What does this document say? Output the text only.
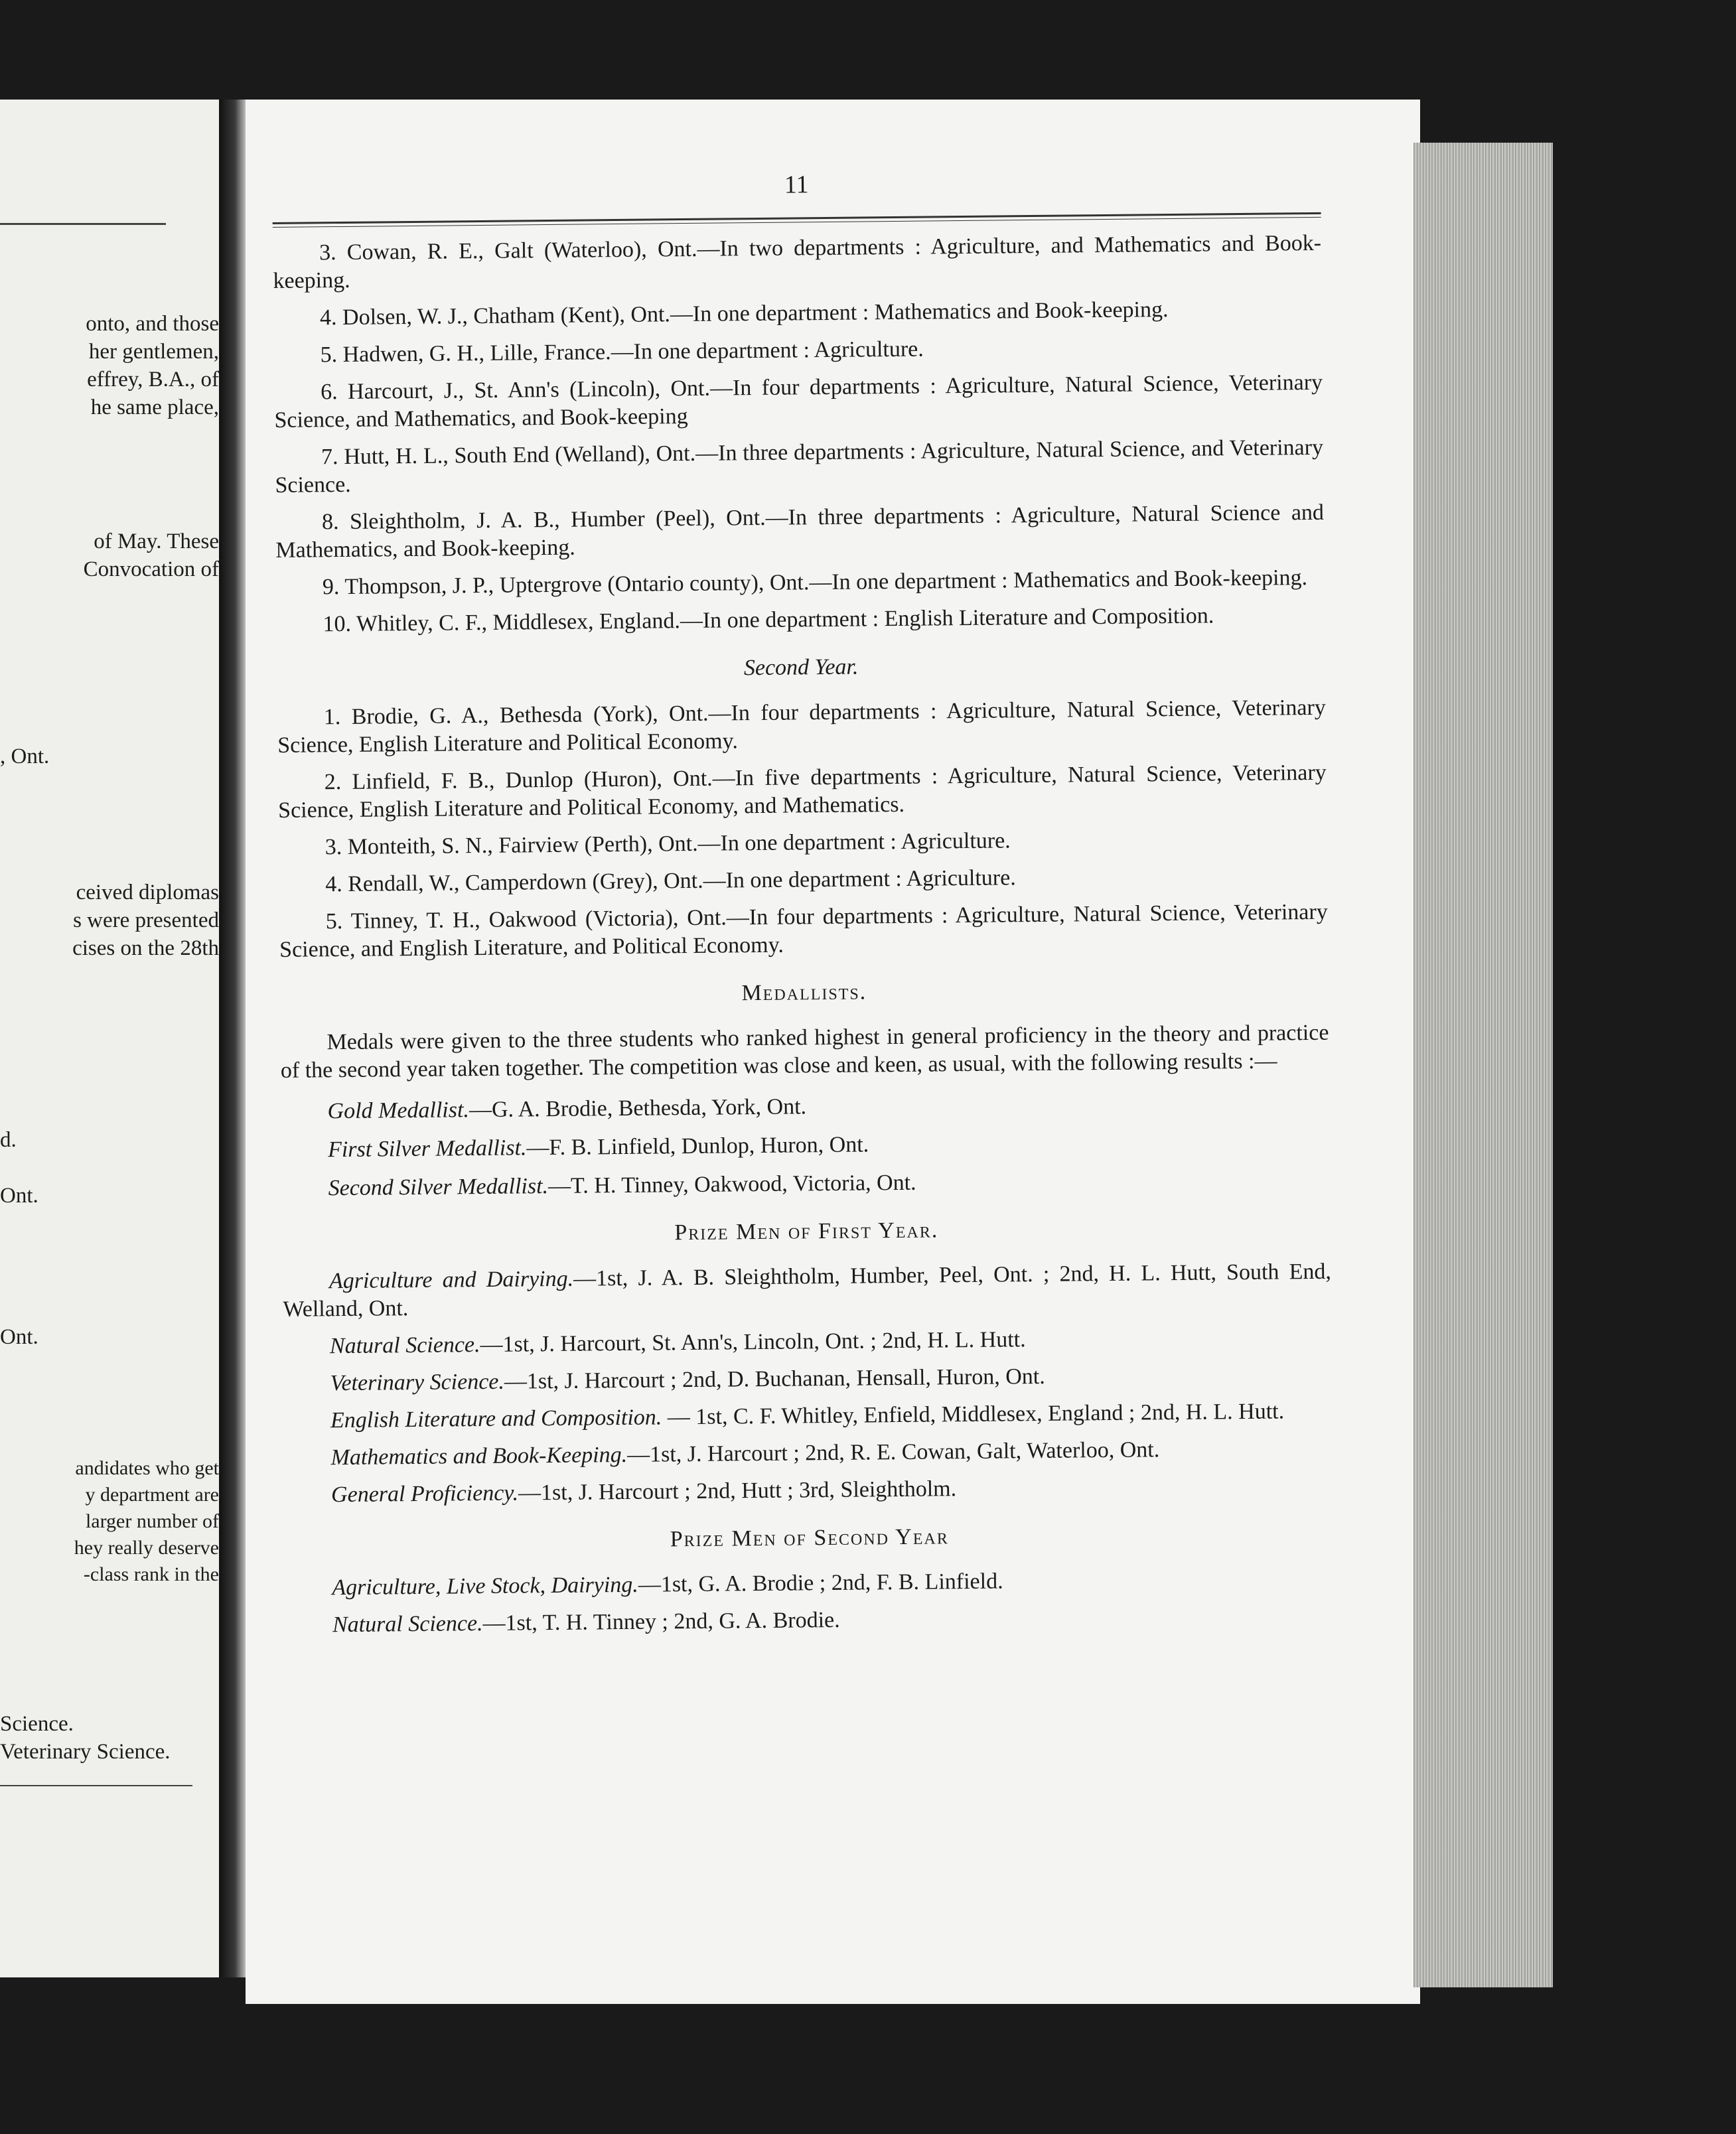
onto, and those
her gentlemen,
effrey, B.A., of
he same place,
of May. These
Convocation of
, Ont.
ceived diplomas
s were presented
cises on the 28th
d.
Ont.
Ont.
andidates who get
y department are
larger number of
hey really deserve
-class rank in the
Science.
Veterinary Science.
11
3. Cowan, R. E., Galt (Waterloo), Ont.—In two departments : Agriculture, and Mathematics and Book-keeping.
4. Dolsen, W. J., Chatham (Kent), Ont.—In one department : Mathematics and Book-keeping.
5. Hadwen, G. H., Lille, France.—In one department : Agriculture.
6. Harcourt, J., St. Ann's (Lincoln), Ont.—In four departments : Agriculture, Natural Science, Veterinary Science, and Mathematics, and Book-keeping
7. Hutt, H. L., South End (Welland), Ont.—In three departments : Agriculture, Natural Science, and Veterinary Science.
8. Sleightholm, J. A. B., Humber (Peel), Ont.—In three departments : Agriculture, Natural Science and Mathematics, and Book-keeping.
9. Thompson, J. P., Uptergrove (Ontario county), Ont.—In one department : Mathematics and Book-keeping.
10. Whitley, C. F., Middlesex, England.—In one department : English Literature and Composition.
Second Year.
1. Brodie, G. A., Bethesda (York), Ont.—In four departments : Agriculture, Natural Science, Veterinary Science, English Literature and Political Economy.
2. Linfield, F. B., Dunlop (Huron), Ont.—In five departments : Agriculture, Natural Science, Veterinary Science, English Literature and Political Economy, and Mathematics.
3. Monteith, S. N., Fairview (Perth), Ont.—In one department : Agriculture.
4. Rendall, W., Camperdown (Grey), Ont.—In one department : Agriculture.
5. Tinney, T. H., Oakwood (Victoria), Ont.—In four departments : Agriculture, Natural Science, Veterinary Science, and English Literature, and Political Economy.
Medallists.
Medals were given to the three students who ranked highest in general proficiency in the theory and practice of the second year taken together. The competition was close and keen, as usual, with the following results :—
Gold Medallist.—G. A. Brodie, Bethesda, York, Ont.
First Silver Medallist.—F. B. Linfield, Dunlop, Huron, Ont.
Second Silver Medallist.—T. H. Tinney, Oakwood, Victoria, Ont.
Prize Men of First Year.
Agriculture and Dairying.—1st, J. A. B. Sleightholm, Humber, Peel, Ont. ; 2nd, H. L. Hutt, South End, Welland, Ont.
Natural Science.—1st, J. Harcourt, St. Ann's, Lincoln, Ont. ; 2nd, H. L. Hutt.
Veterinary Science.—1st, J. Harcourt ; 2nd, D. Buchanan, Hensall, Huron, Ont.
English Literature and Composition. — 1st, C. F. Whitley, Enfield, Middlesex, England ; 2nd, H. L. Hutt.
Mathematics and Book-Keeping.—1st, J. Harcourt ; 2nd, R. E. Cowan, Galt, Waterloo, Ont.
General Proficiency.—1st, J. Harcourt ; 2nd, Hutt ; 3rd, Sleightholm.
Prize Men of Second Year
Agriculture, Live Stock, Dairying.—1st, G. A. Brodie ; 2nd, F. B. Linfield.
Natural Science.—1st, T. H. Tinney ; 2nd, G. A. Brodie.
